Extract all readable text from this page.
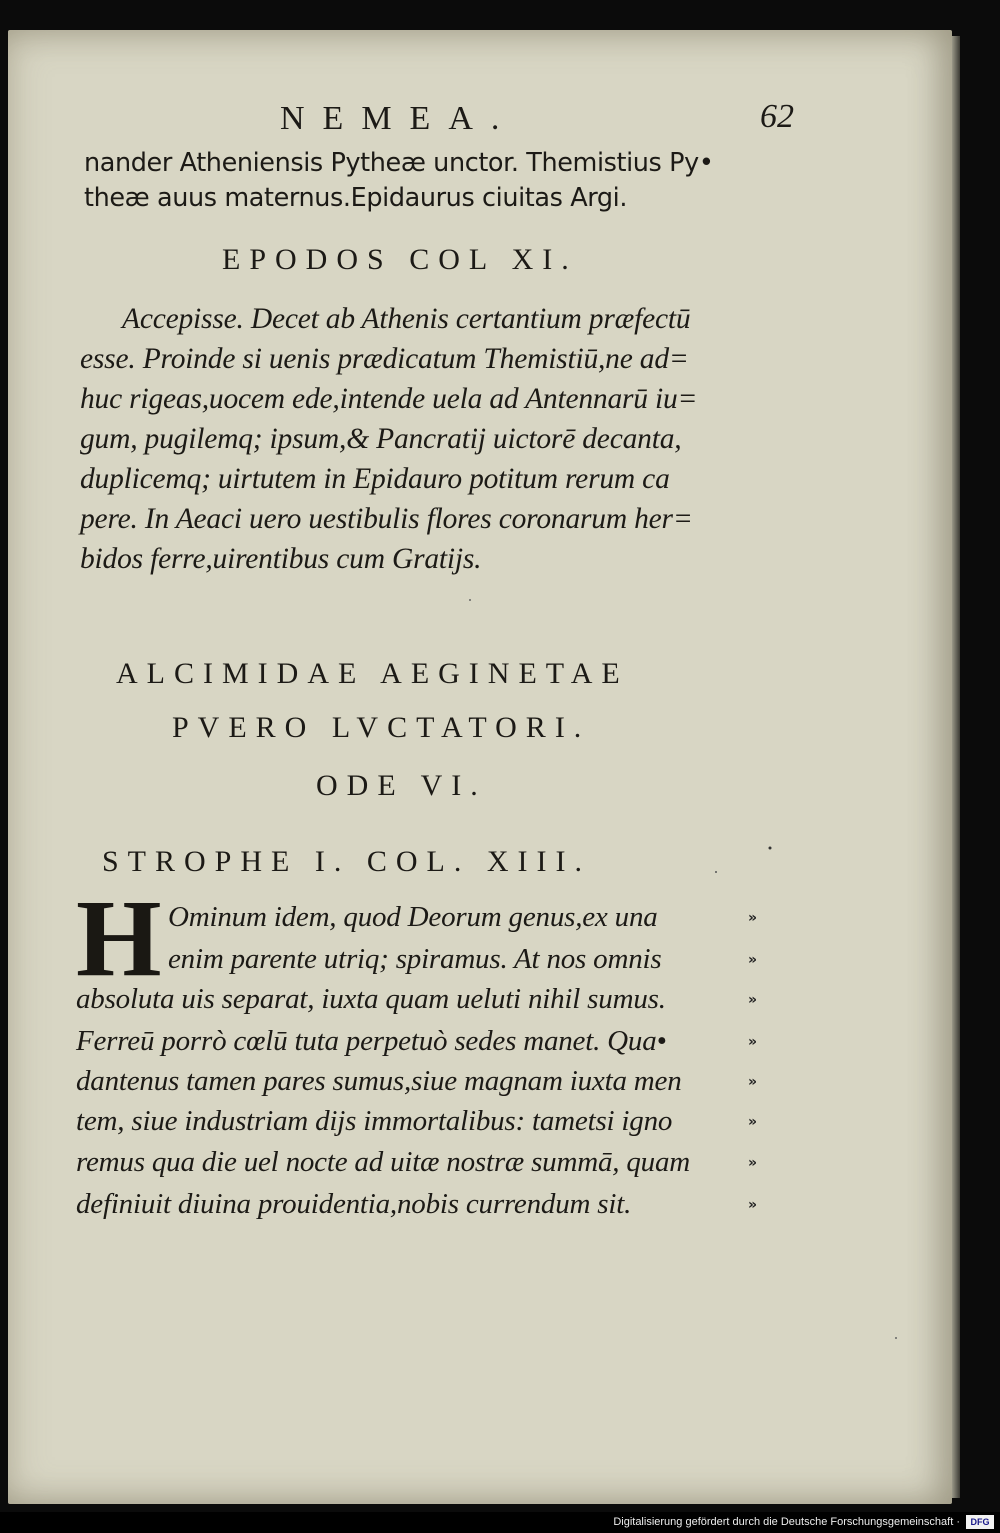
NEMEA.	62
nander Atheniensis Pytheæ unctor. Themistius Py•
theæ auus maternus.Epidaurus ciuitas Argi.
EPODOS COL XI.
Accepisse. Decet ab Athenis certantium præfectū
esse. Proinde si uenis prædicatum Themistiū,ne ad=
huc rigeas,uocem ede,intende uela ad Antennarū iu=
gum, pugilemq; ipsum,& Pancratij uictorē decanta,
duplicemq; uirtutem in Epidauro potitum rerum ca
pere. In Aeaci uero uestibulis flores coronarum her=
bidos ferre,uirentibus cum Gratijs.
ALCIMIDAE AEGINETAE
PVERO LVCTATORI.
ODE VI.
STROPHE I. COL. XIII.
H Ominum idem, quod Deorum genus,ex una
enim parente utriq; spiramus. At nos omnis
absoluta uis separat, iuxta quam ueluti nihil sumus.
Ferreū porrò cœlū tuta perpetuò sedes manet. Qua•
dantenus tamen pares sumus,siue magnam iuxta men
tem, siue industriam dijs immortalibus: tametsi igno
remus qua die uel nocte ad uitæ nostræ summā, quam
definiuit diuina prouidentia,nobis currendum sit.
»
»
»
»
»
»
»
»
Digitalisierung gefördert durch die Deutsche Forschungsgemeinschaft ·	DFG
